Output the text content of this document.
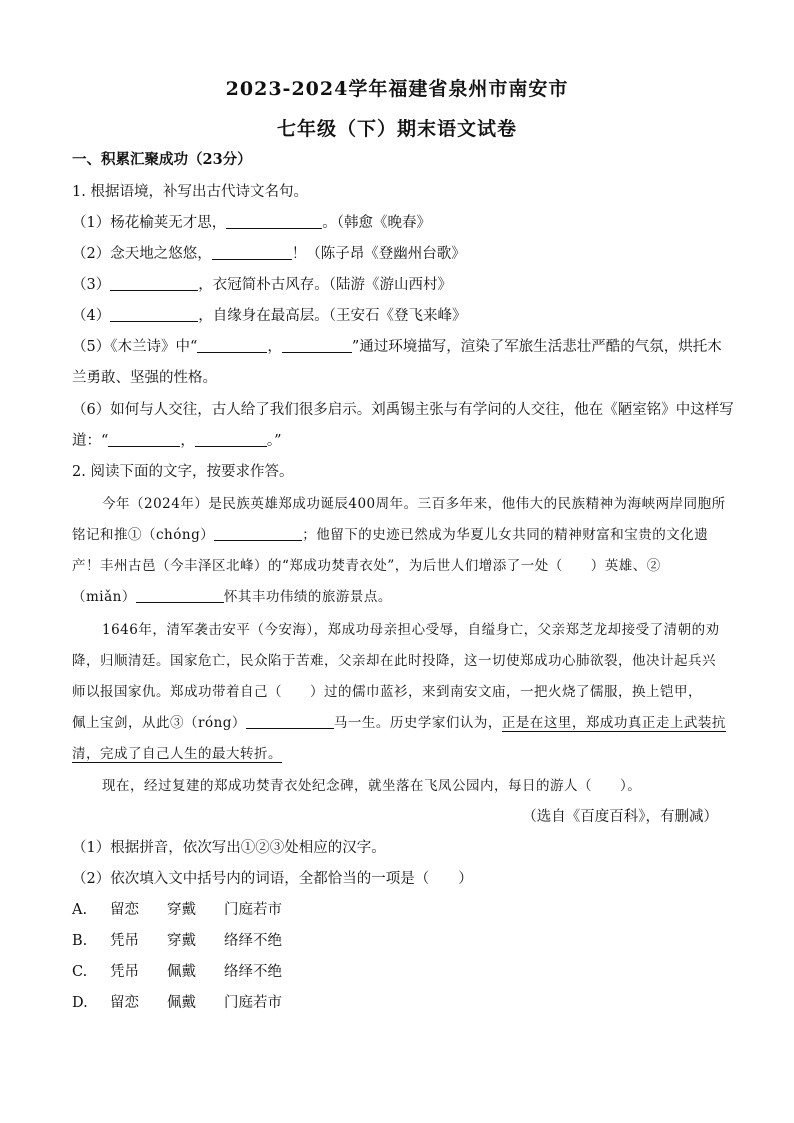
2023-2024学年福建省泉州市南安市
七年级（下）期末语文试卷
一、积累汇聚成功（23分）
1. 根据语境，补写出古代诗文名句。
（1）杨花榆荚无才思，	。（韩愈《晚春》
（2）念天地之悠悠，	！（陈子昂《登幽州台歌》
（3）	，衣冠简朴古风存。（陆游《游山西村》
（4）	，自缘身在最高层。（王安石《登飞来峰》
（5）《木兰诗》中“	，	”通过环境描写，渲染了军旅生活悲壮严酷的气氛，烘托木
兰勇敢、坚强的性格。
（6）如何与人交往，古人给了我们很多启示。刘禹锡主张与有学问的人交往，他在《陋室铭》中这样写
道：“	，	。”
2. 阅读下面的文字，按要求作答。
今年（2024年）是民族英雄郑成功诞辰400周年。三百多年来，他伟大的民族精神为海峡两岸同胞所
铭记和推①（chóng）	；他留下的史迹已然成为华夏儿女共同的精神财富和宝贵的文化遗
产！丰州古邑（今丰泽区北峰）的“郑成功焚青衣处”，为后世人们增添了一处（　　）英雄、②
（miǎn）	怀其丰功伟绩的旅游景点。
1646年，清军袭击安平（今安海），郑成功母亲担心受辱，自缢身亡，父亲郑芝龙却接受了清朝的劝
降，归顺清廷。国家危亡，民众陷于苦难，父亲却在此时投降，这一切使郑成功心肺欲裂，他决计起兵兴
师以报国家仇。郑成功带着自己（　　）过的儒巾蓝衫，来到南安文庙，一把火烧了儒服，换上铠甲，
佩上宝剑，从此③（róng）	马一生。历史学家们认为，正是在这里，郑成功真正走上武装抗
清，完成了自己人生的最大转折。
现在，经过复建的郑成功焚青衣处纪念碑，就坐落在飞凤公园内，每日的游人（　　）。
（选自《百度百科》，有删减）
（1）根据拼音，依次写出①②③处相应的汉字。
（2）依次填入文中括号内的词语，全都恰当的一项是（　　）
A. 留恋 穿戴 门庭若市
B. 凭吊 穿戴 络绎不绝
C. 凭吊 佩戴 络绎不绝
D. 留恋 佩戴 门庭若市
